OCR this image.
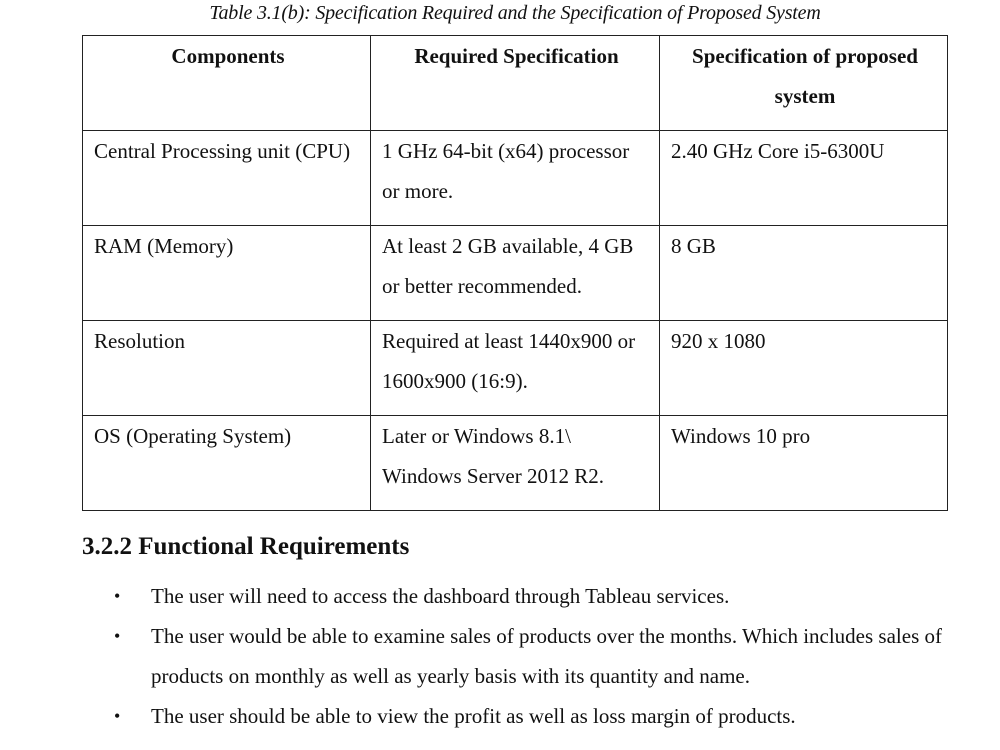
Table 3.1(b): Specification Required and the Specification of Proposed System
Components	Required Specification	Specification of proposed system
Central Processing unit (CPU)	1 GHz 64-bit (x64) processor or more.	2.40 GHz Core i5-6300U
RAM (Memory)	At least 2 GB available, 4 GB or better recommended.	8 GB
Resolution	Required at least 1440x900 or 1600x900 (16:9).	920 x 1080
OS (Operating System)	Later or Windows 8.1\ Windows Server 2012 R2.	Windows 10 pro
3.2.2 Functional Requirements
• The user will need to access the dashboard through Tableau services.
• The user would be able to examine sales of products over the months. Which includes sales of products on monthly as well as yearly basis with its quantity and name.
• The user should be able to view the profit as well as loss margin of products.
